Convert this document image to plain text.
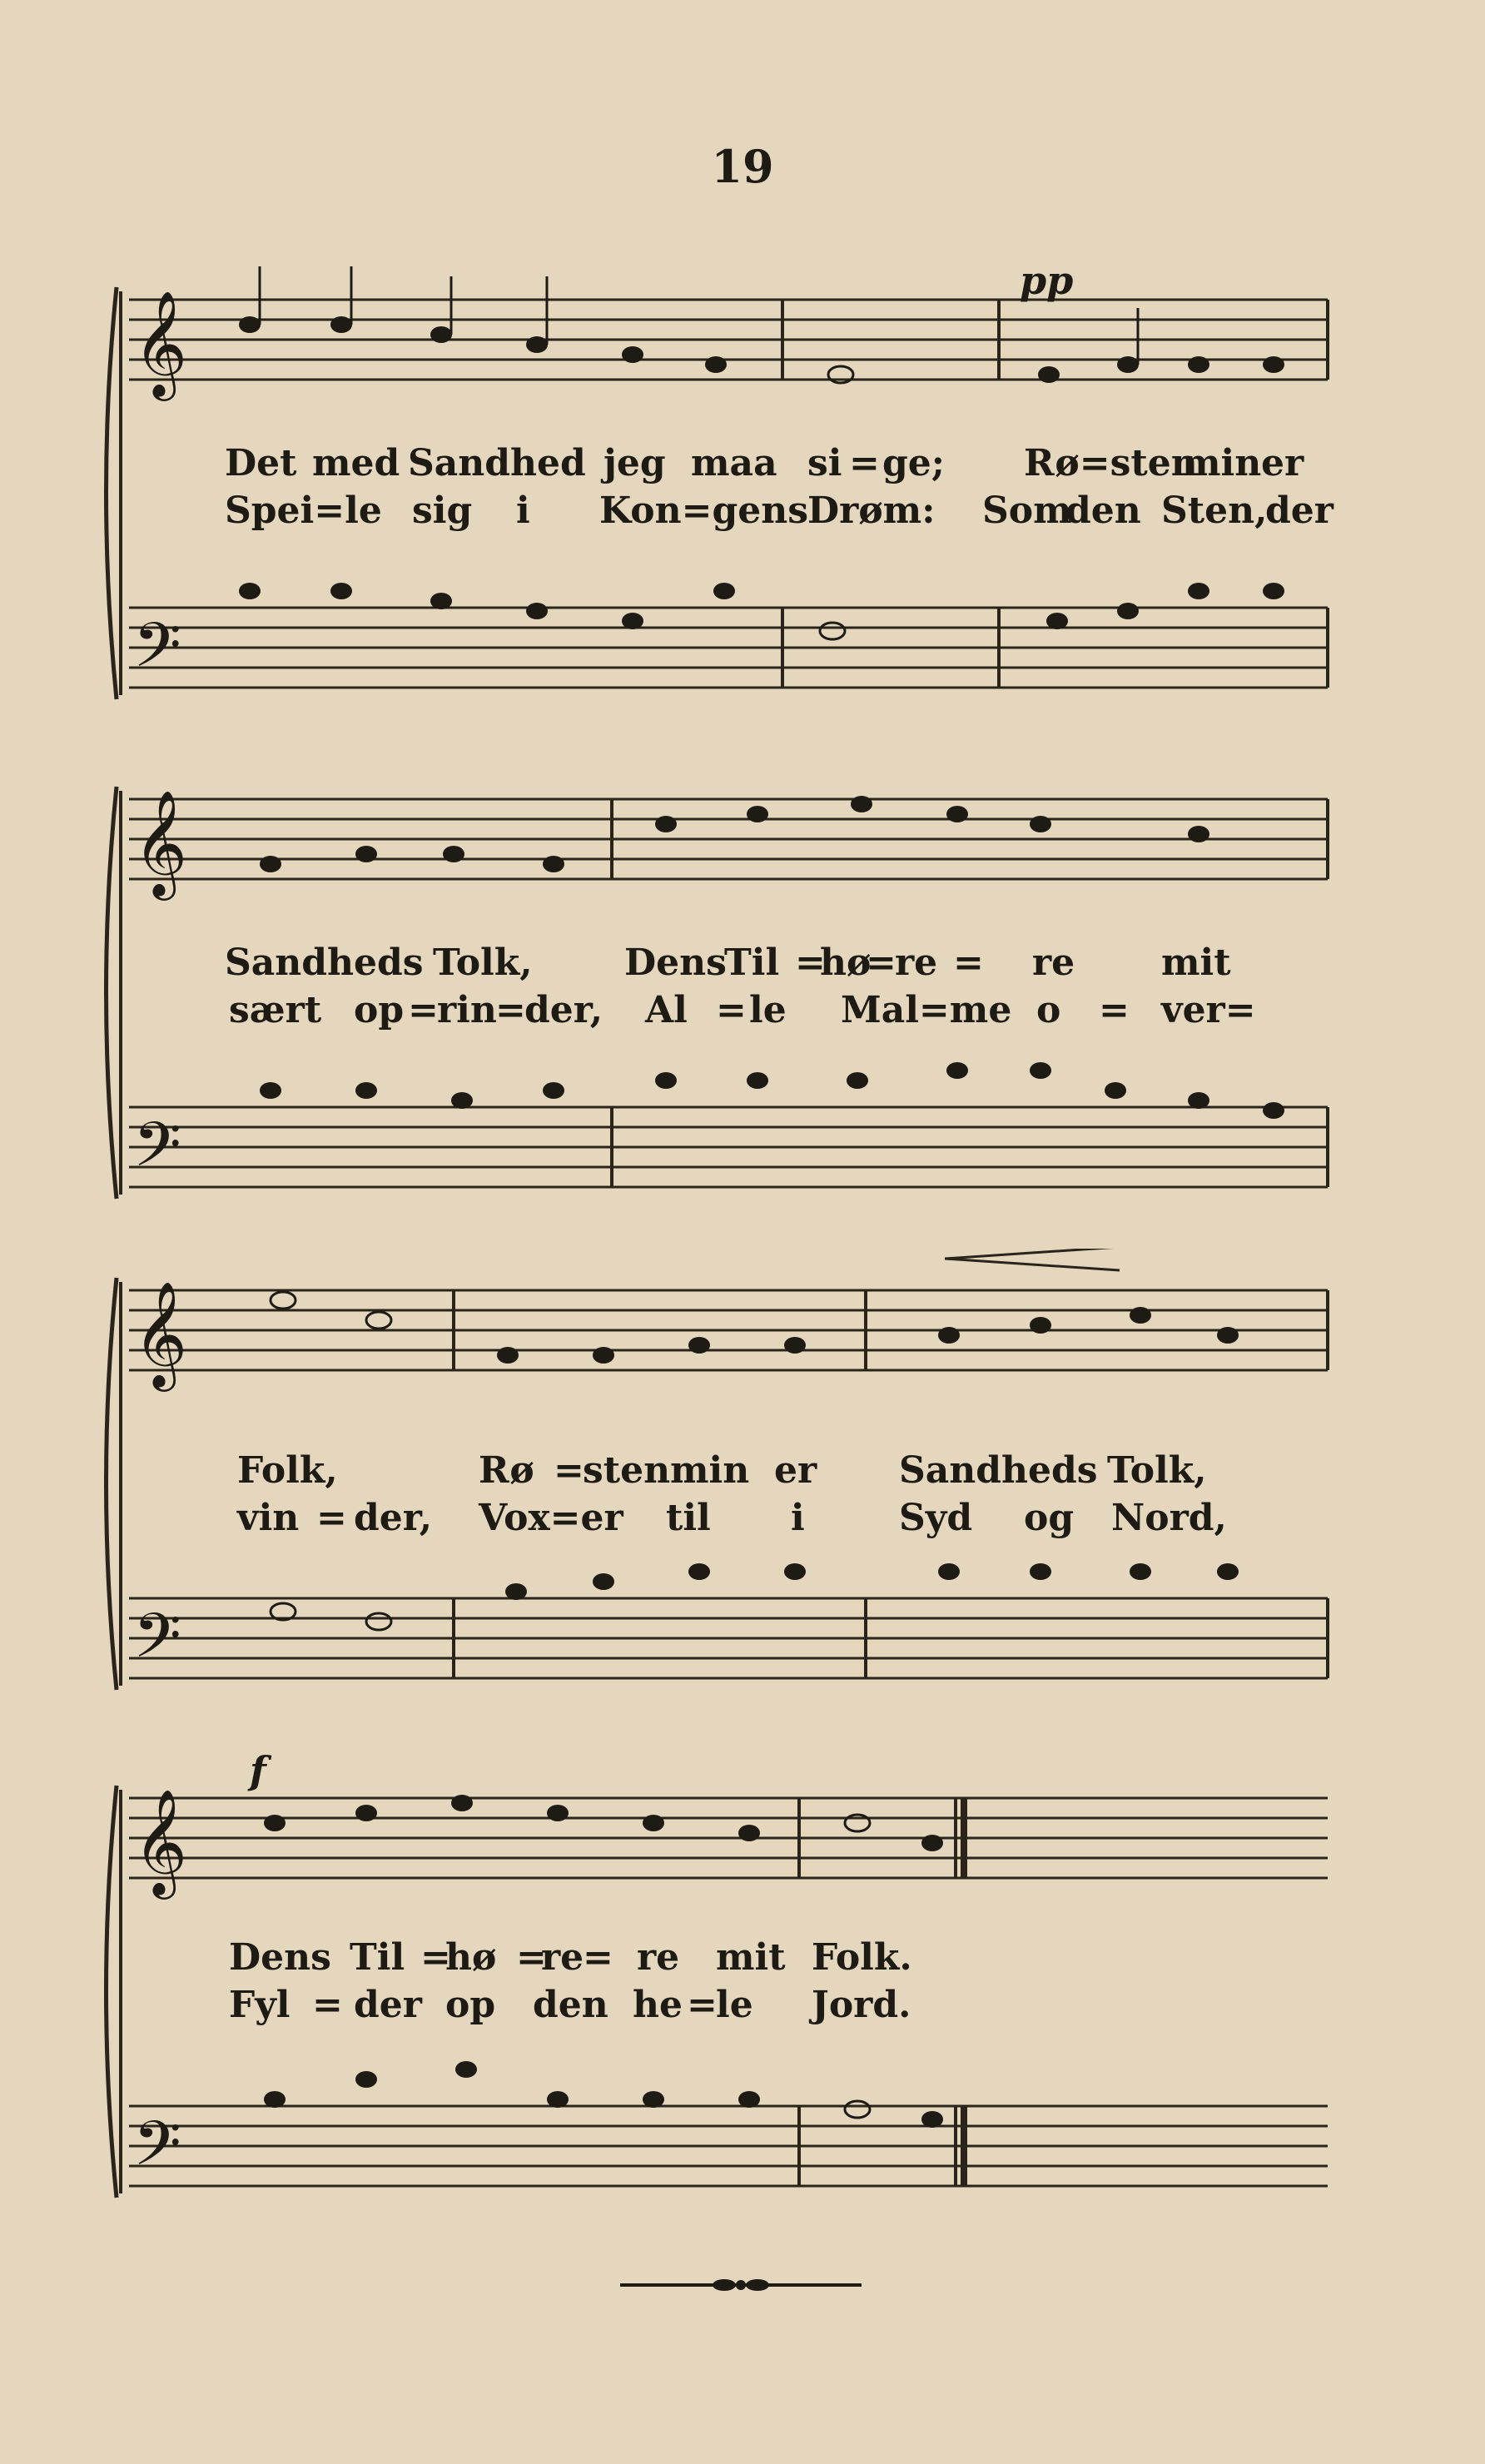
19
𝄞
𝄢
pp
Det med Sandhed jeg maa si = ge; Rø=sten
min er
Spei=le sig i Kon=gens
Drøm: Som
den Sten,
der
𝄞
𝄢
Sandheds Tolk,	Dens
Til =
hø
=
re = re mit
sært op =
rin
=
der, Al = le Mal=me o = ver=
𝄞
𝄢
Folk,	Rø =
sten min er Sandheds Tolk,
vin = der, Vox=er til i	Syd og Nord,
𝄞
𝄢
f
Dens Til =
hø =
re
= re mit Folk.
Fyl = der op den he =
le Jord.
